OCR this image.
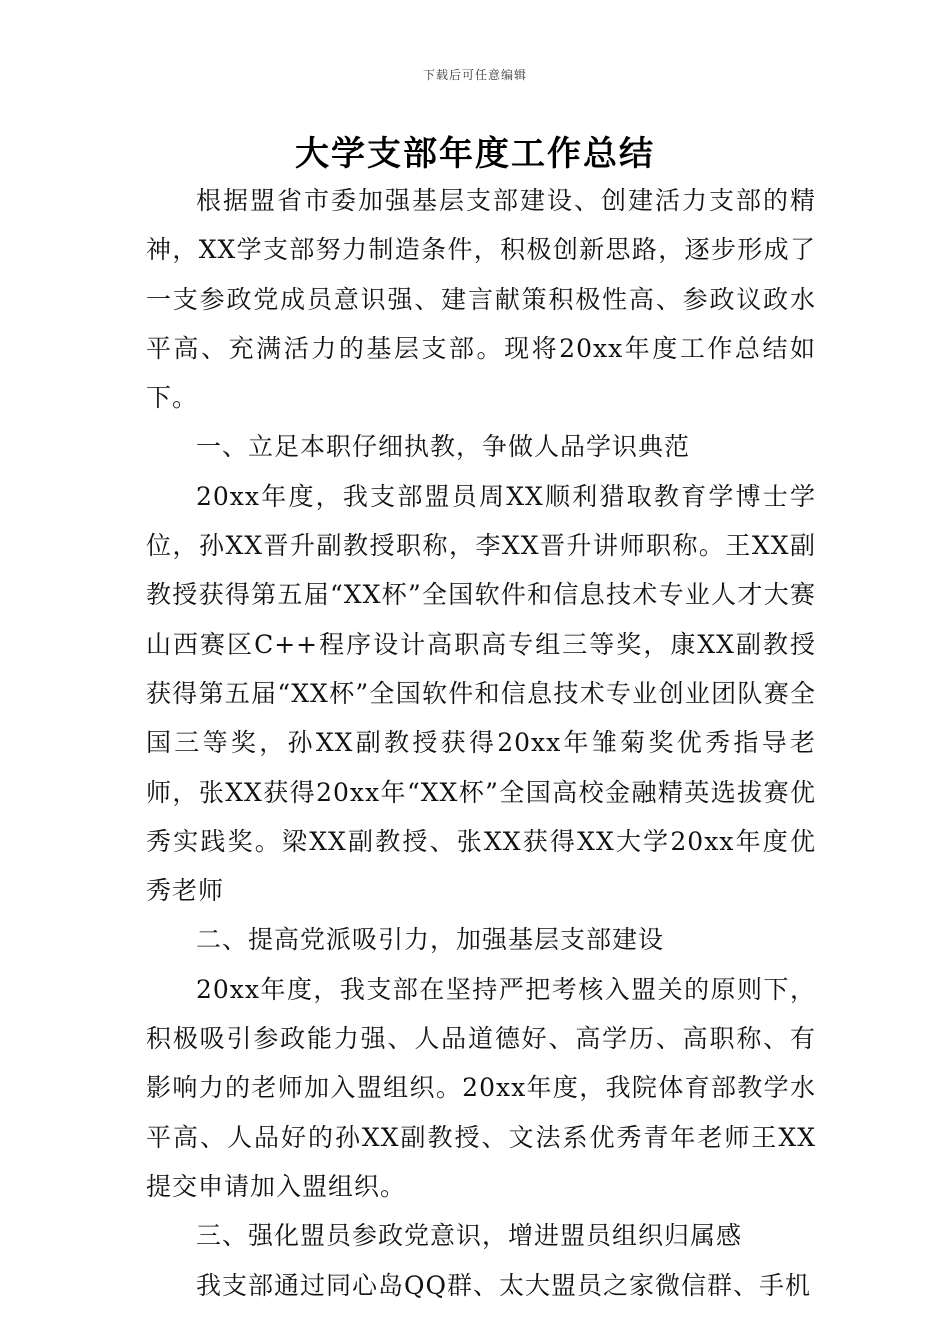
下载后可任意编辑
大学支部年度工作总结

根据盟省市委加强基层支部建设、创建活力支部的精神，XX学支部努力制造条件，积极创新思路，逐步形成了一支参政党成员意识强、建言献策积极性高、参政议政水平高、充满活力的基层支部。现将20xx年度工作总结如下。

一、立足本职仔细执教，争做人品学识典范

20xx年度，我支部盟员周XX顺利猎取教育学博士学位，孙XX晋升副教授职称，李XX晋升讲师职称。王XX副教授获得第五届“XX杯”全国软件和信息技术专业人才大赛山西赛区C++程序设计高职高专组三等奖，康XX副教授获得第五届“XX杯”全国软件和信息技术专业创业团队赛全国三等奖，孙XX副教授获得20xx年雏菊奖优秀指导老师，张XX获得20xx年“XX杯”全国高校金融精英选拔赛优秀实践奖。梁XX副教授、张XX获得XX大学20xx年度优秀老师

二、提高党派吸引力，加强基层支部建设

20xx年度，我支部在坚持严把考核入盟关的原则下，积极吸引参政能力强、人品道德好、高学历、高职称、有影响力的老师加入盟组织。20xx年度，我院体育部教学水平高、人品好的孙XX副教授、文法系优秀青年老师王XX提交申请加入盟组织。

三、强化盟员参政党意识，增进盟员组织归属感

我支部通过同心岛QQ群、太大盟员之家微信群、手机
